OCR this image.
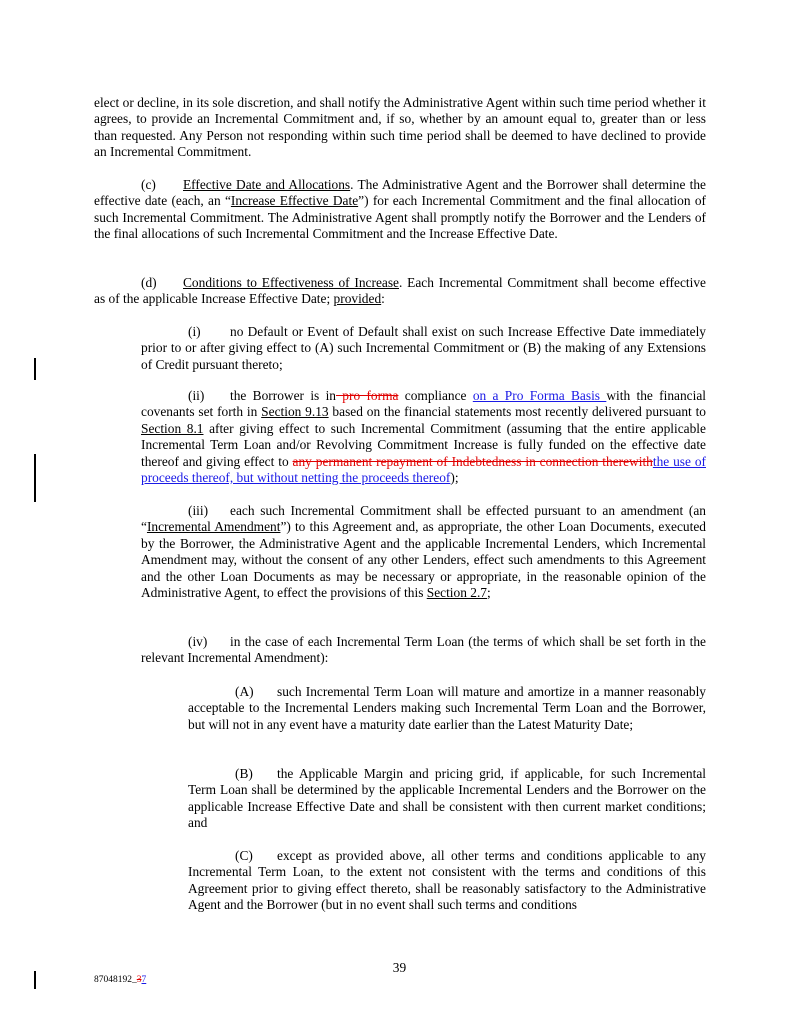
elect or decline, in its sole discretion, and shall notify the Administrative Agent within such time period whether it agrees, to provide an Incremental Commitment and, if so, whether by an amount equal to, greater than or less than requested. Any Person not responding within such time period shall be deemed to have declined to provide an Incremental Commitment.

(c) Effective Date and Allocations. The Administrative Agent and the Borrower shall determine the effective date (each, an “Increase Effective Date”) for each Incremental Commitment and the final allocation of such Incremental Commitment. The Administrative Agent shall promptly notify the Borrower and the Lenders of the final allocations of such Incremental Commitment and the Increase Effective Date.

(d) Conditions to Effectiveness of Increase. Each Incremental Commitment shall become effective as of the applicable Increase Effective Date; provided:

(i) no Default or Event of Default shall exist on such Increase Effective Date immediately prior to or after giving effect to (A) such Incremental Commitment or (B) the making of any Extensions of Credit pursuant thereto;

(ii) the Borrower is in pro forma compliance on a Pro Forma Basis with the financial covenants set forth in Section 9.13 based on the financial statements most recently delivered pursuant to Section 8.1 after giving effect to such Incremental Commitment (assuming that the entire applicable Incremental Term Loan and/or Revolving Commitment Increase is fully funded on the effective date thereof and giving effect to any permanent repayment of Indebtedness in connection therewiththe use of proceeds thereof, but without netting the proceeds thereof);

(iii) each such Incremental Commitment shall be effected pursuant to an amendment (an “Incremental Amendment”) to this Agreement and, as appropriate, the other Loan Documents, executed by the Borrower, the Administrative Agent and the applicable Incremental Lenders, which Incremental Amendment may, without the consent of any other Lenders, effect such amendments to this Agreement and the other Loan Documents as may be necessary or appropriate, in the reasonable opinion of the Administrative Agent, to effect the provisions of this Section 2.7;

(iv) in the case of each Incremental Term Loan (the terms of which shall be set forth in the relevant Incremental Amendment):

(A) such Incremental Term Loan will mature and amortize in a manner reasonably acceptable to the Incremental Lenders making such Incremental Term Loan and the Borrower, but will not in any event have a maturity date earlier than the Latest Maturity Date;

(B) the Applicable Margin and pricing grid, if applicable, for such Incremental Term Loan shall be determined by the applicable Incremental Lenders and the Borrower on the applicable Increase Effective Date and shall be consistent with then current market conditions; and

(C) except as provided above, all other terms and conditions applicable to any Incremental Term Loan, to the extent not consistent with the terms and conditions of this Agreement prior to giving effect thereto, shall be reasonably satisfactory to the Administrative Agent and the Borrower (but in no event shall such terms and conditions

39
87048192_37
